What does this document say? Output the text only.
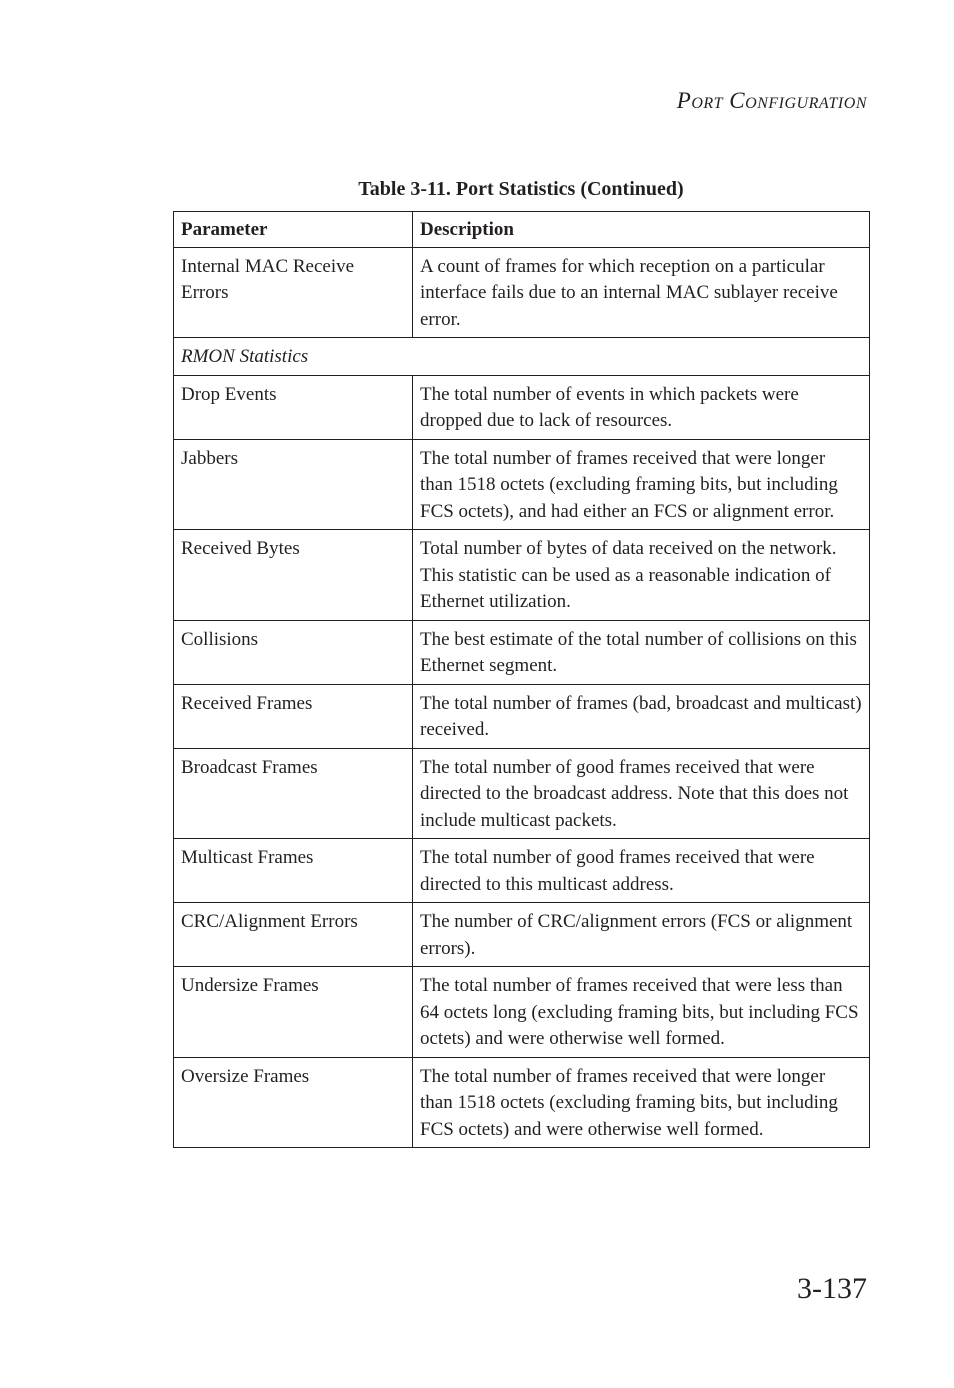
Port Configuration
Table 3-11. Port Statistics (Continued)
Parameter	Description
Internal MAC Receive Errors	A count of frames for which reception on a particular interface fails due to an internal MAC sublayer receive error.
RMON Statistics	
Drop Events	The total number of events in which packets were dropped due to lack of resources.
Jabbers	The total number of frames received that were longer than 1518 octets (excluding framing bits, but including FCS octets), and had either an FCS or alignment error.
Received Bytes	Total number of bytes of data received on the network. This statistic can be used as a reasonable indication of Ethernet utilization.
Collisions	The best estimate of the total number of collisions on this Ethernet segment.
Received Frames	The total number of frames (bad, broadcast and multicast) received.
Broadcast Frames	The total number of good frames received that were directed to the broadcast address. Note that this does not include multicast packets.
Multicast Frames	The total number of good frames received that were directed to this multicast address.
CRC/Alignment Errors	The number of CRC/alignment errors (FCS or alignment errors).
Undersize Frames	The total number of frames received that were less than 64 octets long (excluding framing bits, but including FCS octets) and were otherwise well formed.
Oversize Frames	The total number of frames received that were longer than 1518 octets (excluding framing bits, but including FCS octets) and were otherwise well formed.
3-137
